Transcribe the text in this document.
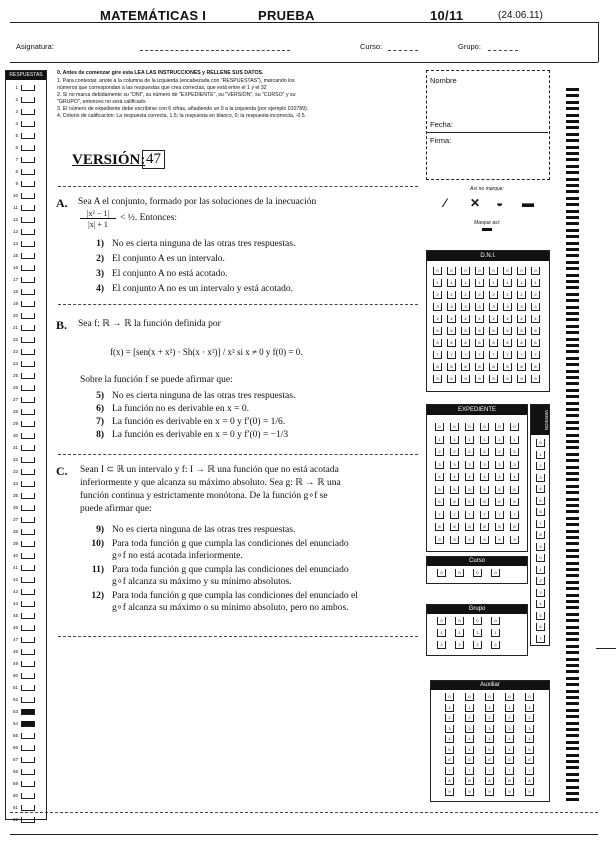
MATEMÁTICAS I	PRUEBA	10/11	(24.06.11)
Asignatura:	Curso:	Grupo:
RESPUESTAS
1
2
3
4
5
6
7
8
9
10
11
12
13
14
15
16
17
18
19
20
21
22
23
24
25
26
27
28
29
30
31
32
33
34
35
36
37
38
39
40
41
42
43
44
45
46
47
48
49
50
51
52
53
54
55
56
57
58
59
60
61
62
0. Antes de comenzar gire esta LEA LAS INSTRUCCIONES y RELLENE SUS DATOS.
1. Para contestar, anote a la columna de la izquierda (encabezada con "RESPUESTAS"), marcando los
números que correspondan a las respuestas que crea correctas, que está entre el 1 y el 32
2. Si no marca debidamente su "DNI", su número de "EXPEDIENTE", su "VERSIÓN", su "CURSO" y su
"GRUPO", entonces no será calificado.
3. El número de expediente debe escribirse con 6 cifras, añadiendo un 0 a la izquierda (por ejemplo 010789).
4. Criterio de calificación: La respuesta correcta, 1.5; la respuesta en blanco, 0; la respuesta incorrecta, -0.5.
VERSIÓN: 47
A. Sea A el conjunto, formado por las soluciones de la inecuación
|x² − 1|
|x| + 1
< ½. Entonces:
1) No es cierta ninguna de las otras tres respuestas.
2) El conjunto A es un intervalo.
3) El conjunto A no está acotado.
4) El conjunto A no es un intervalo y está acotado.
B. Sea f: ℝ → ℝ la función definida por
f(x) = [sen(x + x²) · Sh(x · x²)] / x² si x ≠ 0 y f(0) = 0.
Sobre la función f se puede afirmar que:
5) No es cierta ninguna de las otras tres respuestas.
6) La función no es derivable en x = 0.
7) La función es derivable en x = 0 y f′(0) = 1/6.
8) La función es derivable en x = 0 y f′(0) = −1/3
C. Sean I ⊂ ℝ un intervalo y f: I → ℝ una función que no está acotada
inferiormente y que alcanza su máximo absoluto. Sea g: ℝ → ℝ una
función continua y estrictamente monótona. De la función g∘f se
puede afirmar que:
9) No es cierta ninguna de las otras tres respuestas.
10) Para toda función g que cumpla las condiciones del enunciado
g∘f no está acotada inferiormente.
11) Para toda función g que cumpla las condiciones del enunciado
g∘f alcanza su máximo y su mínimo absolutos.
12) Para toda función g que cumpla las condiciones del enunciado el
g∘f alcanza su máximo o su mínimo absoluto, pero no ambos.
Nombre
Fecha:
Firma:
Así no marque:
⁄ ✕ ◒ ▬
Marque así:
D.N.I.
0	0	0	0	0	0	0	0
1	1	1	1	1	1	1	1
2	2	2	2	2	2	2	2
3	3	3	3	3	3	3	3
4	4	4	4	4	4	4	4
5	5	5	5	5	5	5	5
6	6	6	6	6	6	6	6
7	7	7	7	7	7	7	7
8	8	8	8	8	8	8	8
9	9	9	9	9	9	9	9
EXPEDIENTE
0	0	0	0	0	0
1	1	1	1	1	1
2	2	2	2	2	2
3	3	3	3	3	3
4	4	4	4	4	4
5	5	5	5	5	5
6	6	6	6	6	6
7	7	7	7	7	7
8	8	8	8	8	8
9	9	9	9	9	9
Curso
0	0	0	0
Grupo
0	0	0	0
1	1	1	1
2	2	2	2
Auxiliar
0	0	0	0	0
1	1	1	1	1
2	2	2	2	2
3	3	3	3	3
4	4	4	4	4
5	5	5	5	5
6	6	6	6	6
7	7	7	7	7
8	8	8	8	8
9	9	9	9	9
VERSIÓN
0
1
2
3
4
5
6
7
8
9
0
1
2
3
4
5
6
7
